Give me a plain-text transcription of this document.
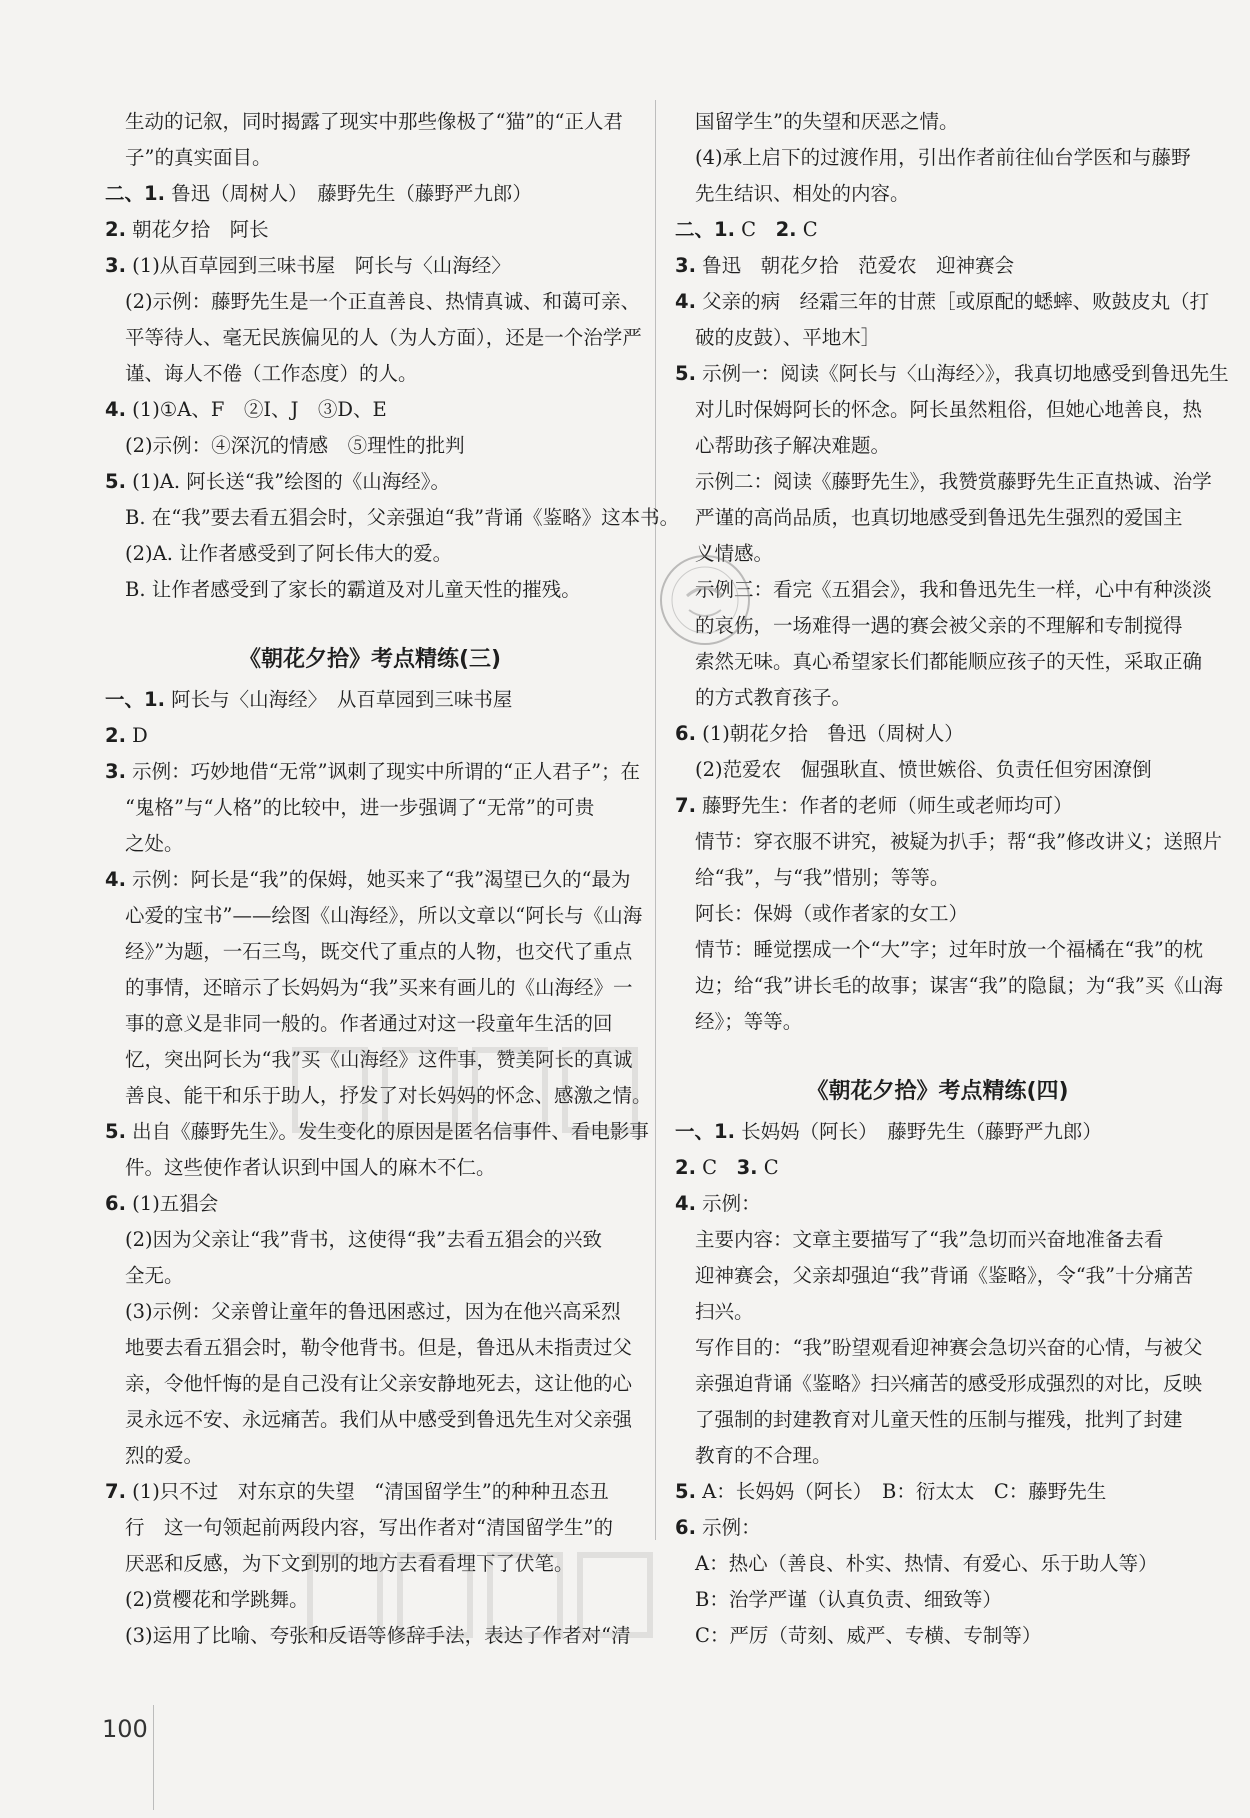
生动的记叙，同时揭露了现实中那些像极了“猫”的“正人君
子”的真实面目。
二、1. 鲁迅（周树人）　藤野先生（藤野严九郎）
2. 朝花夕拾　阿长
3. (1)从百草园到三味书屋　阿长与〈山海经〉
(2)示例：藤野先生是一个正直善良、热情真诚、和蔼可亲、
平等待人、毫无民族偏见的人（为人方面），还是一个治学严
谨、诲人不倦（工作态度）的人。
4. (1)①A、F　②I、J　③D、E
(2)示例：④深沉的情感　⑤理性的批判
5. (1)A. 阿长送“我”绘图的《山海经》。
B. 在“我”要去看五猖会时，父亲强迫“我”背诵《鉴略》这本书。
(2)A. 让作者感受到了阿长伟大的爱。
B. 让作者感受到了家长的霸道及对儿童天性的摧残。
《朝花夕拾》考点精练(三)
一、1. 阿长与〈山海经〉　从百草园到三味书屋
2. D
3. 示例：巧妙地借“无常”讽刺了现实中所谓的“正人君子”；在
“鬼格”与“人格”的比较中，进一步强调了“无常”的可贵
之处。
4. 示例：阿长是“我”的保姆，她买来了“我”渴望已久的“最为
心爱的宝书”——绘图《山海经》，所以文章以“阿长与《山海
经》”为题，一石三鸟，既交代了重点的人物，也交代了重点
的事情，还暗示了长妈妈为“我”买来有画儿的《山海经》一
事的意义是非同一般的。作者通过对这一段童年生活的回
忆，突出阿长为“我”买《山海经》这件事，赞美阿长的真诚
善良、能干和乐于助人，抒发了对长妈妈的怀念、感激之情。
5. 出自《藤野先生》。发生变化的原因是匿名信事件、看电影事
件。这些使作者认识到中国人的麻木不仁。
6. (1)五猖会
(2)因为父亲让“我”背书，这使得“我”去看五猖会的兴致
全无。
(3)示例：父亲曾让童年的鲁迅困惑过，因为在他兴高采烈
地要去看五猖会时，勒令他背书。但是，鲁迅从未指责过父
亲，令他忏悔的是自己没有让父亲安静地死去，这让他的心
灵永远不安、永远痛苦。我们从中感受到鲁迅先生对父亲强
烈的爱。
7. (1)只不过　对东京的失望　“清国留学生”的种种丑态丑
行　这一句领起前两段内容，写出作者对“清国留学生”的
厌恶和反感，为下文到别的地方去看看埋下了伏笔。
(2)赏樱花和学跳舞。
(3)运用了比喻、夸张和反语等修辞手法，表达了作者对“清
国留学生”的失望和厌恶之情。
(4)承上启下的过渡作用，引出作者前往仙台学医和与藤野
先生结识、相处的内容。
二、1. C　2. C
3. 鲁迅　朝花夕拾　范爱农　迎神赛会
4. 父亲的病　经霜三年的甘蔗［或原配的蟋蟀、败鼓皮丸（打
破的皮鼓）、平地木］
5. 示例一：阅读《阿长与〈山海经〉》，我真切地感受到鲁迅先生
对儿时保姆阿长的怀念。阿长虽然粗俗，但她心地善良，热
心帮助孩子解决难题。
示例二：阅读《藤野先生》，我赞赏藤野先生正直热诚、治学
严谨的高尚品质，也真切地感受到鲁迅先生强烈的爱国主
义情感。
示例三：看完《五猖会》，我和鲁迅先生一样，心中有种淡淡
的哀伤，一场难得一遇的赛会被父亲的不理解和专制搅得
索然无味。真心希望家长们都能顺应孩子的天性，采取正确
的方式教育孩子。
6. (1)朝花夕拾　鲁迅（周树人）
(2)范爱农　倔强耿直、愤世嫉俗、负责任但穷困潦倒
7. 藤野先生：作者的老师（师生或老师均可）
情节：穿衣服不讲究，被疑为扒手；帮“我”修改讲义；送照片
给“我”，与“我”惜别；等等。
阿长：保姆（或作者家的女工）
情节：睡觉摆成一个“大”字；过年时放一个福橘在“我”的枕
边；给“我”讲长毛的故事；谋害“我”的隐鼠；为“我”买《山海
经》；等等。
《朝花夕拾》考点精练(四)
一、1. 长妈妈（阿长）　藤野先生（藤野严九郎）
2. C　3. C
4. 示例：
主要内容：文章主要描写了“我”急切而兴奋地准备去看
迎神赛会，父亲却强迫“我”背诵《鉴略》，令“我”十分痛苦
扫兴。
写作目的：“我”盼望观看迎神赛会急切兴奋的心情，与被父
亲强迫背诵《鉴略》扫兴痛苦的感受形成强烈的对比，反映
了强制的封建教育对儿童天性的压制与摧残，批判了封建
教育的不合理。
5. A：长妈妈（阿长）　B：衍太太　C：藤野先生
6. 示例：
A：热心（善良、朴实、热情、有爱心、乐于助人等）
B：治学严谨（认真负责、细致等）
C：严厉（苛刻、威严、专横、专制等）
100
